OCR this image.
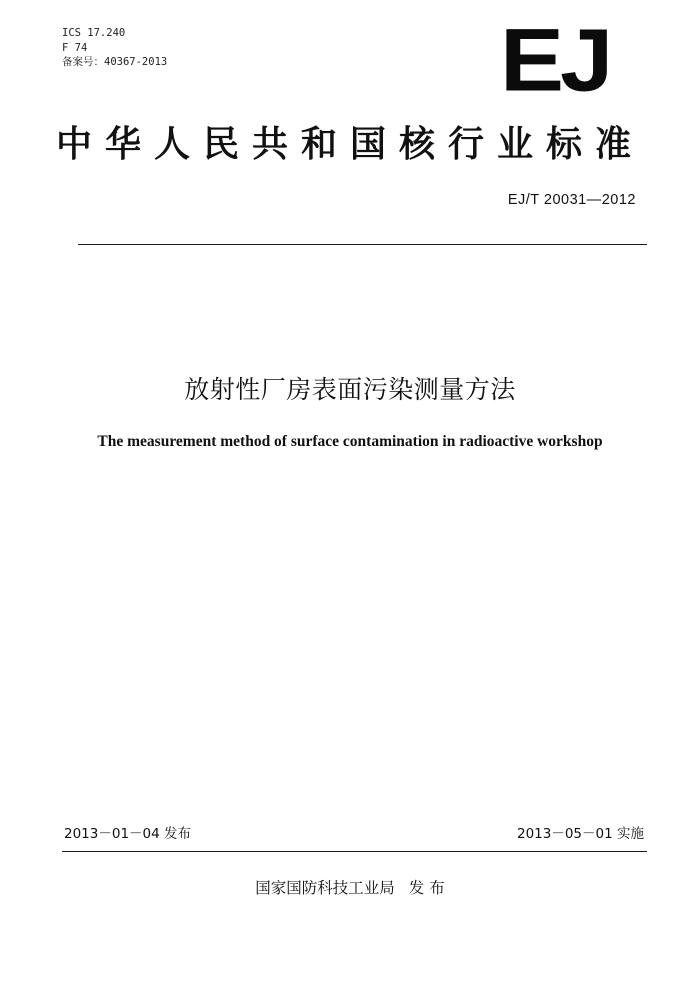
ICS 17.240
F 74
备案号：40367-2013	EJ
中华人民共和国核行业标准
EJ/T 20031—2012
放射性厂房表面污染测量方法
The measurement method of surface contamination in radioactive workshop
2013－01－04 发布	2013－05－01 实施
国家国防科技工业局 发 布
